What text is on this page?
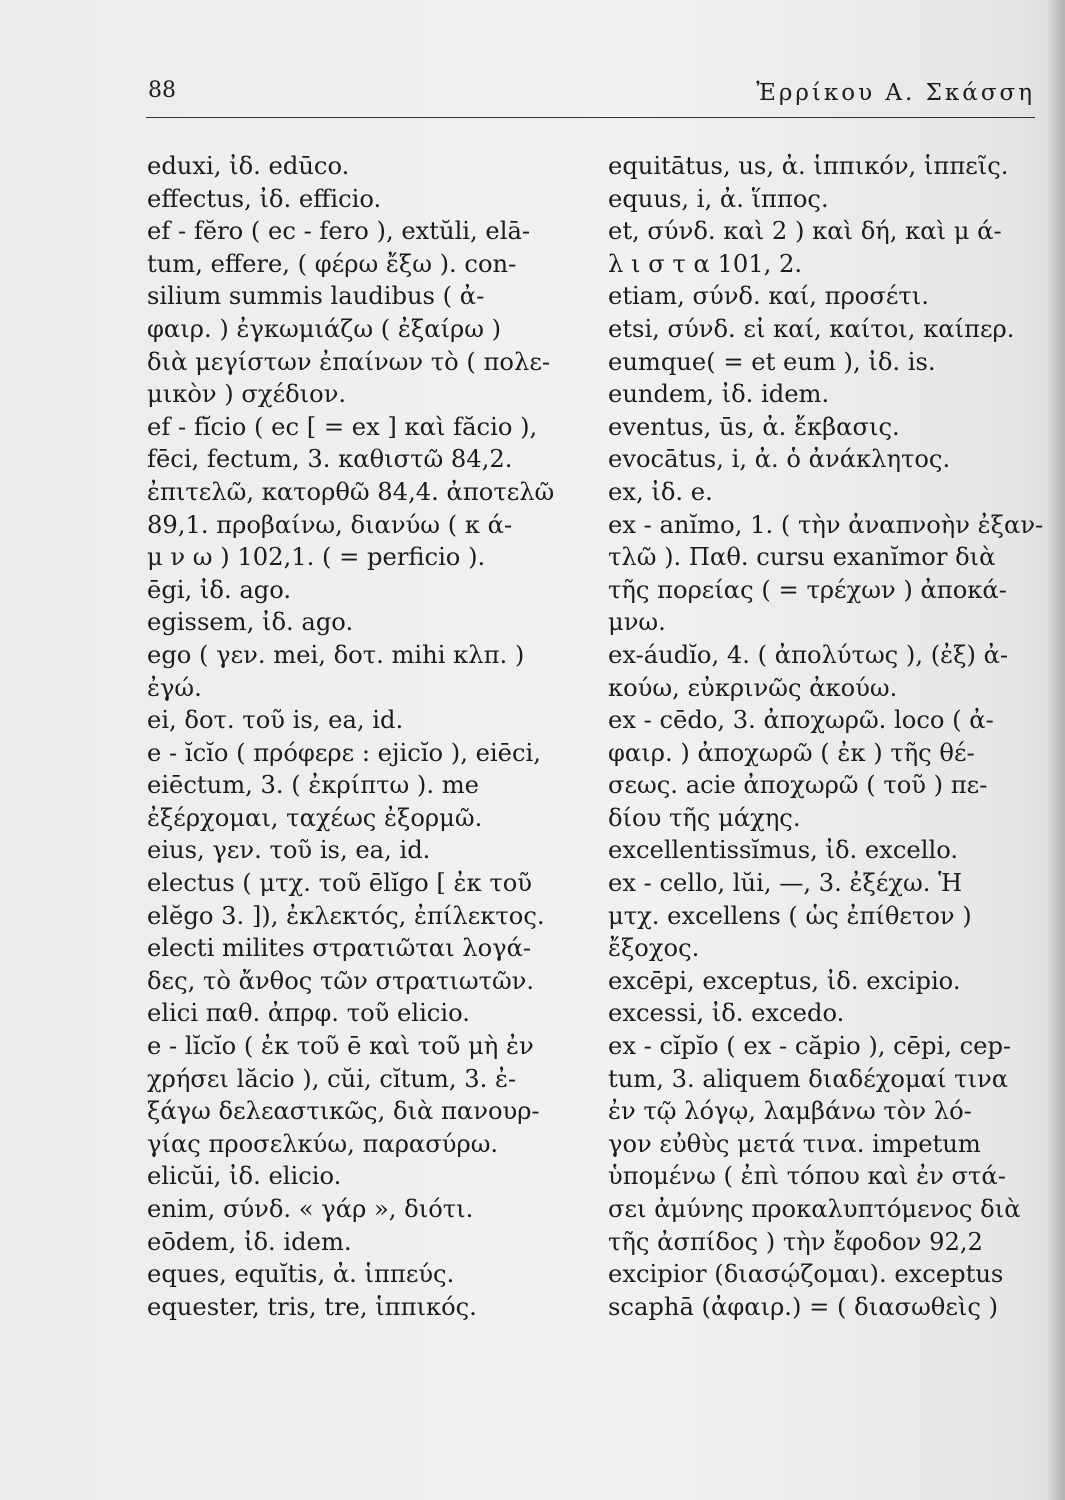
88	Ἐρρίκου Α. Σκάσση
eduxi, ἰδ. edūco.
effectus, ἰδ. efficio.
ef - fĕro ( ec - fero ), extŭli, elā-
tum, effere, ( φέρω ἔξω ). con-
silium summis laudibus ( ἀ-
φαιρ. ) ἐγκωμιάζω ( ἐξαίρω )
διὰ μεγίστων ἐπαίνων τὸ ( πολε-
μικὸν ) σχέδιον.
ef - fĭcio ( ec [ = ex ] καὶ făcio ),
fēci, fectum, 3. καθιστῶ 84,2.
ἐπιτελῶ, κατορθῶ 84,4. ἀποτελῶ
89,1. προβαίνω, διανύω ( κ ά-
μ ν ω ) 102,1. ( = perficio ).
ēgi, ἰδ. ago.
egissem, ἰδ. ago.
ego ( γεν. mei, δοτ. mihi κλπ. )
ἐγώ.
ei, δοτ. τοῦ is, ea, id.
e - ĭcĭo ( πρόφερε : ejicĭo ), eiēci,
eiēctum, 3. ( ἐκρίπτω ). me
ἐξέρχομαι, ταχέως ἐξορμῶ.
eius, γεν. τοῦ is, ea, id.
electus ( μτχ. τοῦ ēlĭgo [ ἐκ τοῦ
elĕgo 3. ]), ἐκλεκτός, ἐπίλεκτος.
electi milites στρατιῶται λογά-
δες, τὸ ἄνθος τῶν στρατιωτῶν.
elici παθ. ἀπρφ. τοῦ elicio.
e - lĭcĭo ( ἐκ τοῦ ē καὶ τοῦ μὴ ἐν
χρήσει lăcio ), cŭi, cĭtum, 3. ἐ-
ξάγω δελεαστικῶς, διὰ πανουρ-
γίας προσελκύω, παρασύρω.
elicŭi, ἰδ. elicio.
enim, σύνδ. « γάρ », διότι.
eōdem, ἰδ. idem.
eques, equĭtis, ἀ. ἱππεύς.
equester, tris, tre, ἱππικός.
equitātus, us, ἀ. ἱππικόν, ἱππεῖς.
equus, i, ἀ. ἵππος.
et, σύνδ. καὶ 2 ) καὶ δή, καὶ μ ά-
λ ι σ τ α 101, 2.
etiam, σύνδ. καί, προσέτι.
etsi, σύνδ. εἰ καί, καίτοι, καίπερ.
eumque( = et eum ), ἰδ. is.
eundem, ἰδ. idem.
eventus, ūs, ἀ. ἔκβασις.
evocātus, i, ἀ. ὁ ἀνάκλητος.
ex, ἰδ. e.
ex - anĭmo, 1. ( τὴν ἀναπνοὴν ἐξαν-
τλῶ ). Παθ. cursu exanĭmor διὰ
τῆς πορείας ( = τρέχων ) ἀποκά-
μνω.
ex-áudĭo, 4. ( ἀπολύτως ), (ἐξ) ἀ-
κούω, εὐκρινῶς ἀκούω.
ex - cēdo, 3. ἀποχωρῶ. loco ( ἀ-
φαιρ. ) ἀποχωρῶ ( ἐκ ) τῆς θέ-
σεως. acie ἀποχωρῶ ( τοῦ ) πε-
δίου τῆς μάχης.
excellentissĭmus, ἰδ. excello.
ex - cello, lŭi, —, 3. ἐξέχω. Ἡ
μτχ. excellens ( ὡς ἐπίθετον )
ἔξοχος.
excēpi, exceptus, ἰδ. excipio.
excessi, ἰδ. excedo.
ex - cĭpĭo ( ex - căpio ), cēpi, cep-
tum, 3. aliquem διαδέχομαί τινα
ἐν τῷ λόγῳ, λαμβάνω τὸν λό-
γον εὐθὺς μετά τινα. impetum
ὑπομένω ( ἐπὶ τόπου καὶ ἐν στά-
σει ἀμύνης προκαλυπτόμενος διὰ
τῆς ἀσπίδος ) τὴν ἔφοδον 92,2
excipior (διασῴζομαι). exceptus
scaphā (ἀφαιρ.) = ( διασωθεὶς )
